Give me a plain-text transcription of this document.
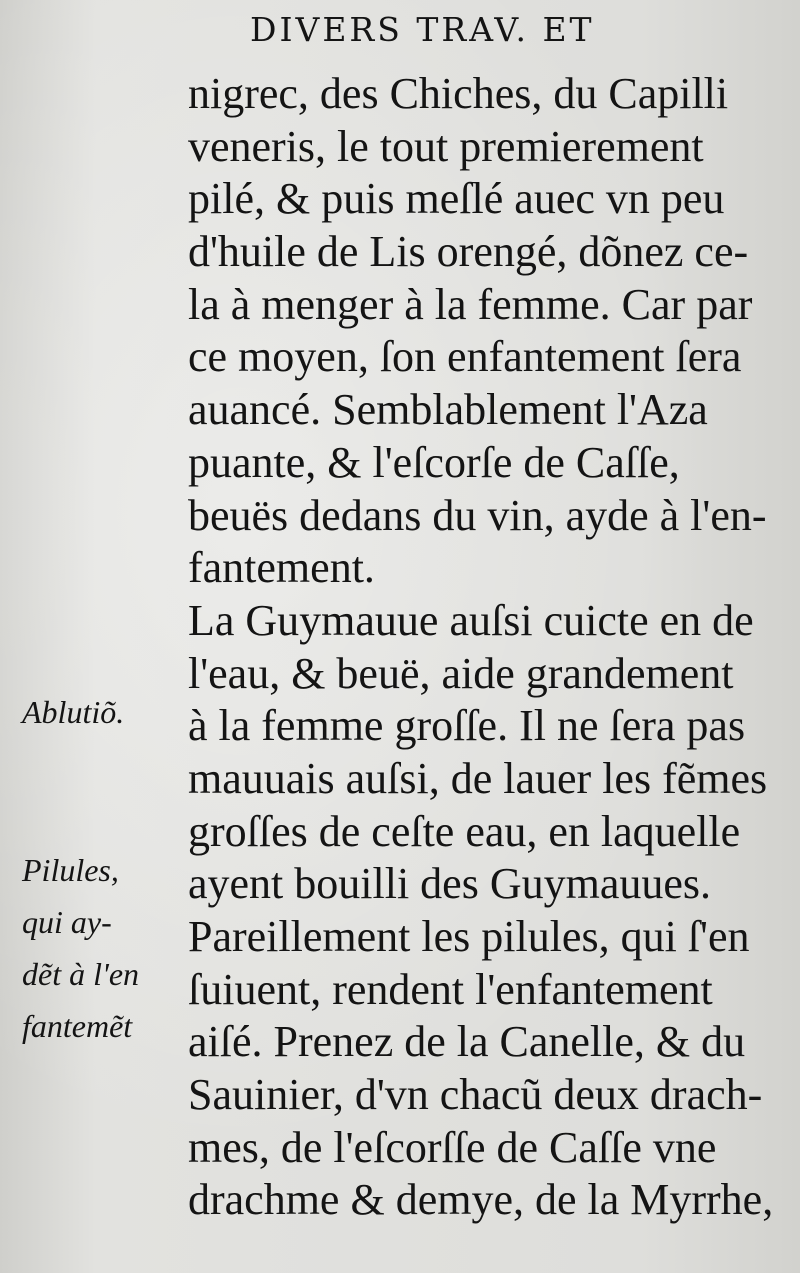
DIVERS TRAV. ET
nigrec, des Chiches, du Capilli
veneris, le tout premierement
pilé, & puis meſlé auec vn peu
d'huile de Lis orengé, dõnez ce-
la à menger à la femme. Car par
ce moyen, ſon enfantement ſera
auancé. Semblablement l'Aza
puante, & l'eſcorſe de Caſſe,
beuës dedans du vin, ayde à l'en-
fantement.
La Guymauue auſsi cuicte en de
l'eau, & beuë, aide grandement
à la femme groſſe. Il ne ſera pas
mauuais auſsi, de lauer les fẽmes
groſſes de ceſte eau, en laquelle
ayent bouilli des Guymauues.
Pareillement les pilules, qui ſ'en
ſuiuent, rendent l'enfantement
aiſé. Prenez de la Canelle, & du
Sauinier, d'vn chacũ deux drach-
mes, de l'eſcorſſe de Caſſe vne
drachme & demye, de la Myrrhe,
Ablutiõ.
Pilules,
qui ay-
dẽt à l'en
fantemẽt
